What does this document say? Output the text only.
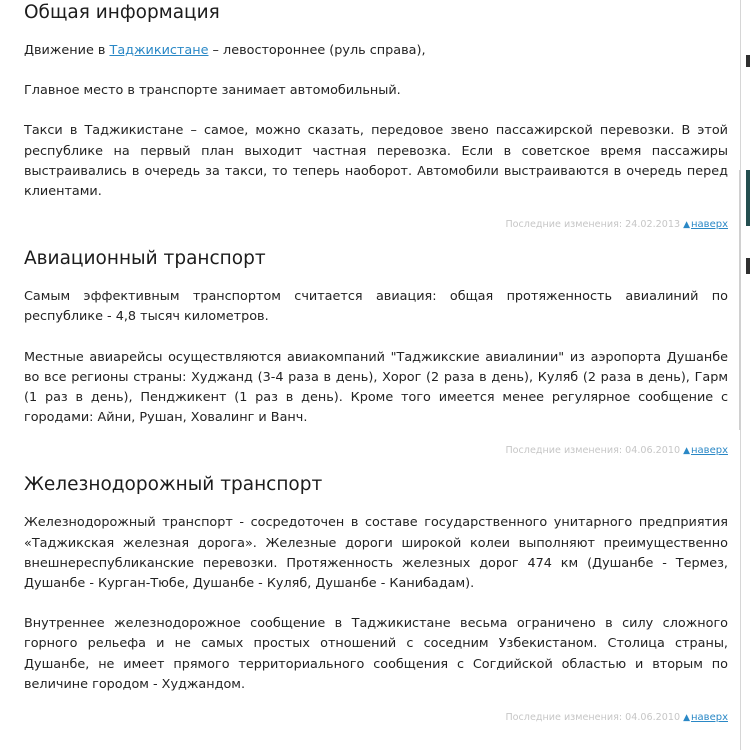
Общая информация

Движение в Таджикистане – левостороннее (руль справа),

Главное место в транспорте занимает автомобильный.

Такси в Таджикистане – самое, можно сказать, передовое звено пассажирской перевозки. В этой республике на первый план выходит частная перевозка. Если в советское время пассажиры выстраивались в очередь за такси, то теперь наоборот. Автомобили выстраиваются в очередь перед клиентами.

Последние изменения: 24.02.2013 ▲наверх
Авиационный транспорт

Самым эффективным транспортом считается авиация: общая протяженность авиалиний по республике - 4,8 тысяч километров.

Местные авиарейсы осуществляются авиакомпаний "Таджикские авиалинии" из аэропорта Душанбе во все регионы страны: Худжанд (3-4 раза в день), Хорог (2 раза в день), Куляб (2 раза в день), Гарм (1 раз в день), Пенджикент (1 раз в день). Кроме того имеется менее регулярное сообщение с городами: Айни, Рушан, Ховалинг и Ванч.

Последние изменения: 04.06.2010 ▲наверх
Железнодорожный транспорт

Железнодорожный транспорт - сосредоточен в составе государственного унитарного предприятия «Таджикская железная дорога». Железные дороги широкой колеи выполняют преимущественно внешнереспубликанские перевозки. Протяженность железных дорог 474 км (Душанбе - Термез, Душанбе - Курган-Тюбе, Душанбе - Куляб, Душанбе - Канибадам).

Внутреннее железнодорожное сообщение в Таджикистане весьма ограничено в силу сложного горного рельефа и не самых простых отношений с соседним Узбекистаном. Столица страны, Душанбе, не имеет прямого территориального сообщения с Согдийской областью и вторым по величине городом - Худжандом.

Последние изменения: 04.06.2010 ▲наверх
